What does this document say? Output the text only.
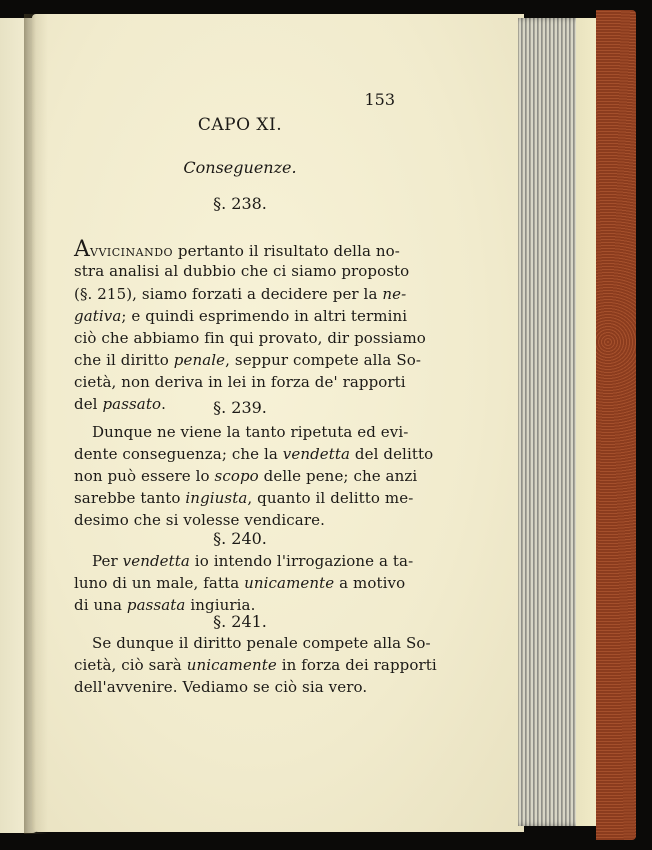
153
CAPO XI.
Conseguenze.
§. 238.
AVVICINANDO pertanto il risultato della no-
stra analisi al dubbio che ci siamo proposto
(§. 215), siamo forzati a decidere per la ne-
gativa; e quindi esprimendo in altri termini
ciò che abbiamo fin qui provato, dir possiamo
che il diritto penale, seppur compete alla So-
cietà, non deriva in lei in forza de' rapporti
del passato.	§. 239.
Dunque ne viene la tanto ripetuta ed evi-
dente conseguenza; che la vendetta del delitto
non può essere lo scopo delle pene; che anzi
sarebbe tanto ingiusta, quanto il delitto me-
desimo che si volesse vendicare.
§. 240.
Per vendetta io intendo l'irrogazione a ta-
luno di un male, fatta unicamente a motivo
di una passata ingiuria.
§. 241.
Se dunque il diritto penale compete alla So-
cietà, ciò sarà unicamente in forza dei rapporti
dell'avvenire. Vediamo se ciò sia vero.
